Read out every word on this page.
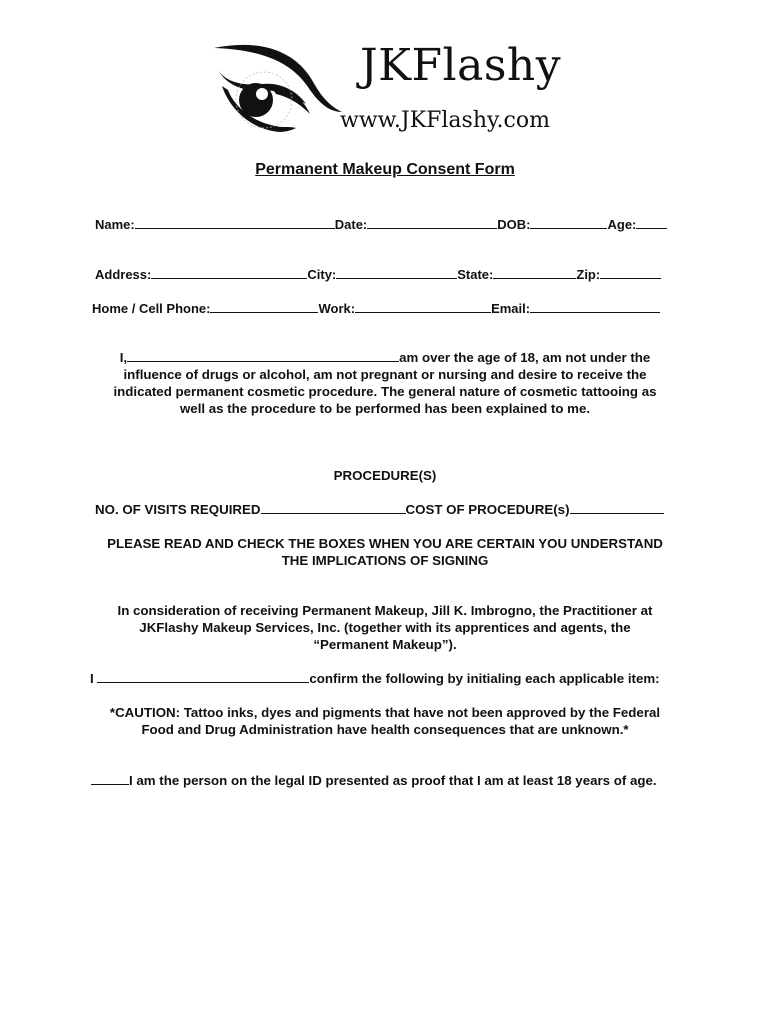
JKFlashy
www.JKFlashy.com
Permanent Makeup Consent Form
Name:	Date:	DOB:	Age:
Address:	City:	State:	Zip:
Home / Cell Phone:	Work:	Email:
I,	am over the age of 18, am not under the
influence of drugs or alcohol, am not pregnant or nursing and desire to receive the
indicated permanent cosmetic procedure. The general nature of cosmetic tattooing as
well as the procedure to be performed has been explained to me.
PROCEDURE(S)
NO. OF VISITS REQUIRED	COST OF PROCEDURE(s)
PLEASE READ AND CHECK THE BOXES WHEN YOU ARE CERTAIN YOU UNDERSTAND
THE IMPLICATIONS OF SIGNING
In consideration of receiving Permanent Makeup, Jill K. Imbrogno, the Practitioner at
JKFlashy Makeup Services, Inc. (together with its apprentices and agents, the
“Permanent Makeup”).
I	confirm the following by initialing each applicable item:
*CAUTION: Tattoo inks, dyes and pigments that have not been approved by the Federal
Food and Drug Administration have health consequences that are unknown.*
I am the person on the legal ID presented as proof that I am at least 18 years of age.
